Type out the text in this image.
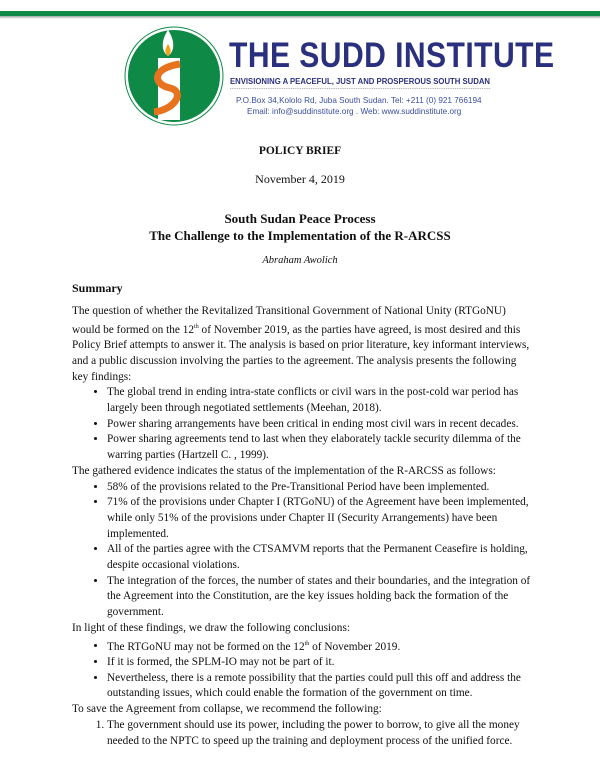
THE SUDD INSTITUTE
ENVISIONING A PEACEFUL, JUST AND PROSPEROUS SOUTH SUDAN
P.O.Box 34,Kololo Rd, Juba South Sudan. Tel: +211 (0) 921 766194
Email: info@suddinstitute.org . Web: www.suddinstitute.org
POLICY BRIEF
November 4, 2019
South Sudan Peace Process
The Challenge to the Implementation of the R-ARCSS
Abraham Awolich
Summary

The question of whether the Revitalized Transitional Government of National Unity (RTGoNU) would be formed on the 12th of November 2019, as the parties have agreed, is most desired and this Policy Brief attempts to answer it. The analysis is based on prior literature, key informant interviews, and a public discussion involving the parties to the agreement. The analysis presents the following key findings:

• The global trend in ending intra-state conflicts or civil wars in the post-cold war period has largely been through negotiated settlements (Meehan, 2018).
• Power sharing arrangements have been critical in ending most civil wars in recent decades.
• Power sharing agreements tend to last when they elaborately tackle security dilemma of the warring parties (Hartzell C. , 1999).

The gathered evidence indicates the status of the implementation of the R-ARCSS as follows:

• 58% of the provisions related to the Pre-Transitional Period have been implemented.
• 71% of the provisions under Chapter I (RTGoNU) of the Agreement have been implemented, while only 51% of the provisions under Chapter II (Security Arrangements) have been implemented.
• All of the parties agree with the CTSAMVM reports that the Permanent Ceasefire is holding, despite occasional violations.
• The integration of the forces, the number of states and their boundaries, and the integration of the Agreement into the Constitution, are the key issues holding back the formation of the government.

In light of these findings, we draw the following conclusions:

• The RTGoNU may not be formed on the 12th of November 2019.
• If it is formed, the SPLM-IO may not be part of it.
• Nevertheless, there is a remote possibility that the parties could pull this off and address the outstanding issues, which could enable the formation of the government on time.

To save the Agreement from collapse, we recommend the following:

1. The government should use its power, including the power to borrow, to give all the money needed to the NPTC to speed up the training and deployment process of the unified force.
